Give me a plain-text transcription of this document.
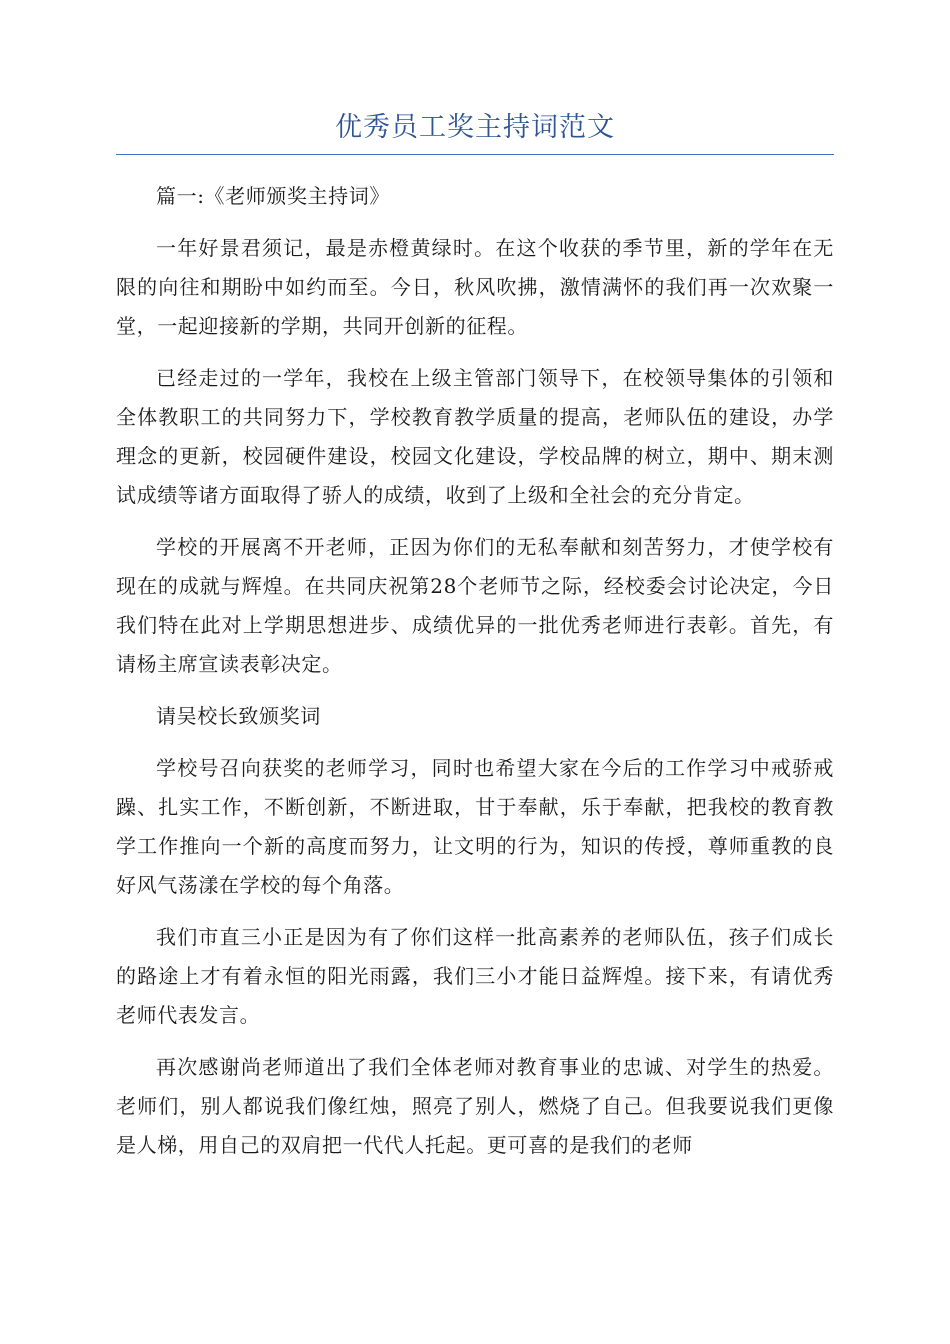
优秀员工奖主持词范文

篇一:《老师颁奖主持词》

一年好景君须记，最是赤橙黄绿时。在这个收获的季节里，新的学年在无限的向往和期盼中如约而至。今日，秋风吹拂，激情满怀的我们再一次欢聚一堂，一起迎接新的学期，共同开创新的征程。

已经走过的一学年，我校在上级主管部门领导下，在校领导集体的引领和全体教职工的共同努力下，学校教育教学质量的提高，老师队伍的建设，办学理念的更新，校园硬件建设，校园文化建设，学校品牌的树立，期中、期末测试成绩等诸方面取得了骄人的成绩，收到了上级和全社会的充分肯定。

学校的开展离不开老师，正因为你们的无私奉献和刻苦努力，才使学校有现在的成就与辉煌。在共同庆祝第28个老师节之际，经校委会讨论决定，今日我们特在此对上学期思想进步、成绩优异的一批优秀老师进行表彰。首先，有请杨主席宣读表彰决定。

请吴校长致颁奖词

学校号召向获奖的老师学习，同时也希望大家在今后的工作学习中戒骄戒躁、扎实工作，不断创新，不断进取，甘于奉献，乐于奉献，把我校的教育教学工作推向一个新的高度而努力，让文明的行为，知识的传授，尊师重教的良好风气荡漾在学校的每个角落。

我们市直三小正是因为有了你们这样一批高素养的老师队伍，孩子们成长的路途上才有着永恒的阳光雨露，我们三小才能日益辉煌。接下来，有请优秀老师代表发言。

再次感谢尚老师道出了我们全体老师对教育事业的忠诚、对学生的热爱。老师们，别人都说我们像红烛，照亮了别人，燃烧了自己。但我要说我们更像是人梯，用自己的双肩把一代代人托起。更可喜的是我们的老师
